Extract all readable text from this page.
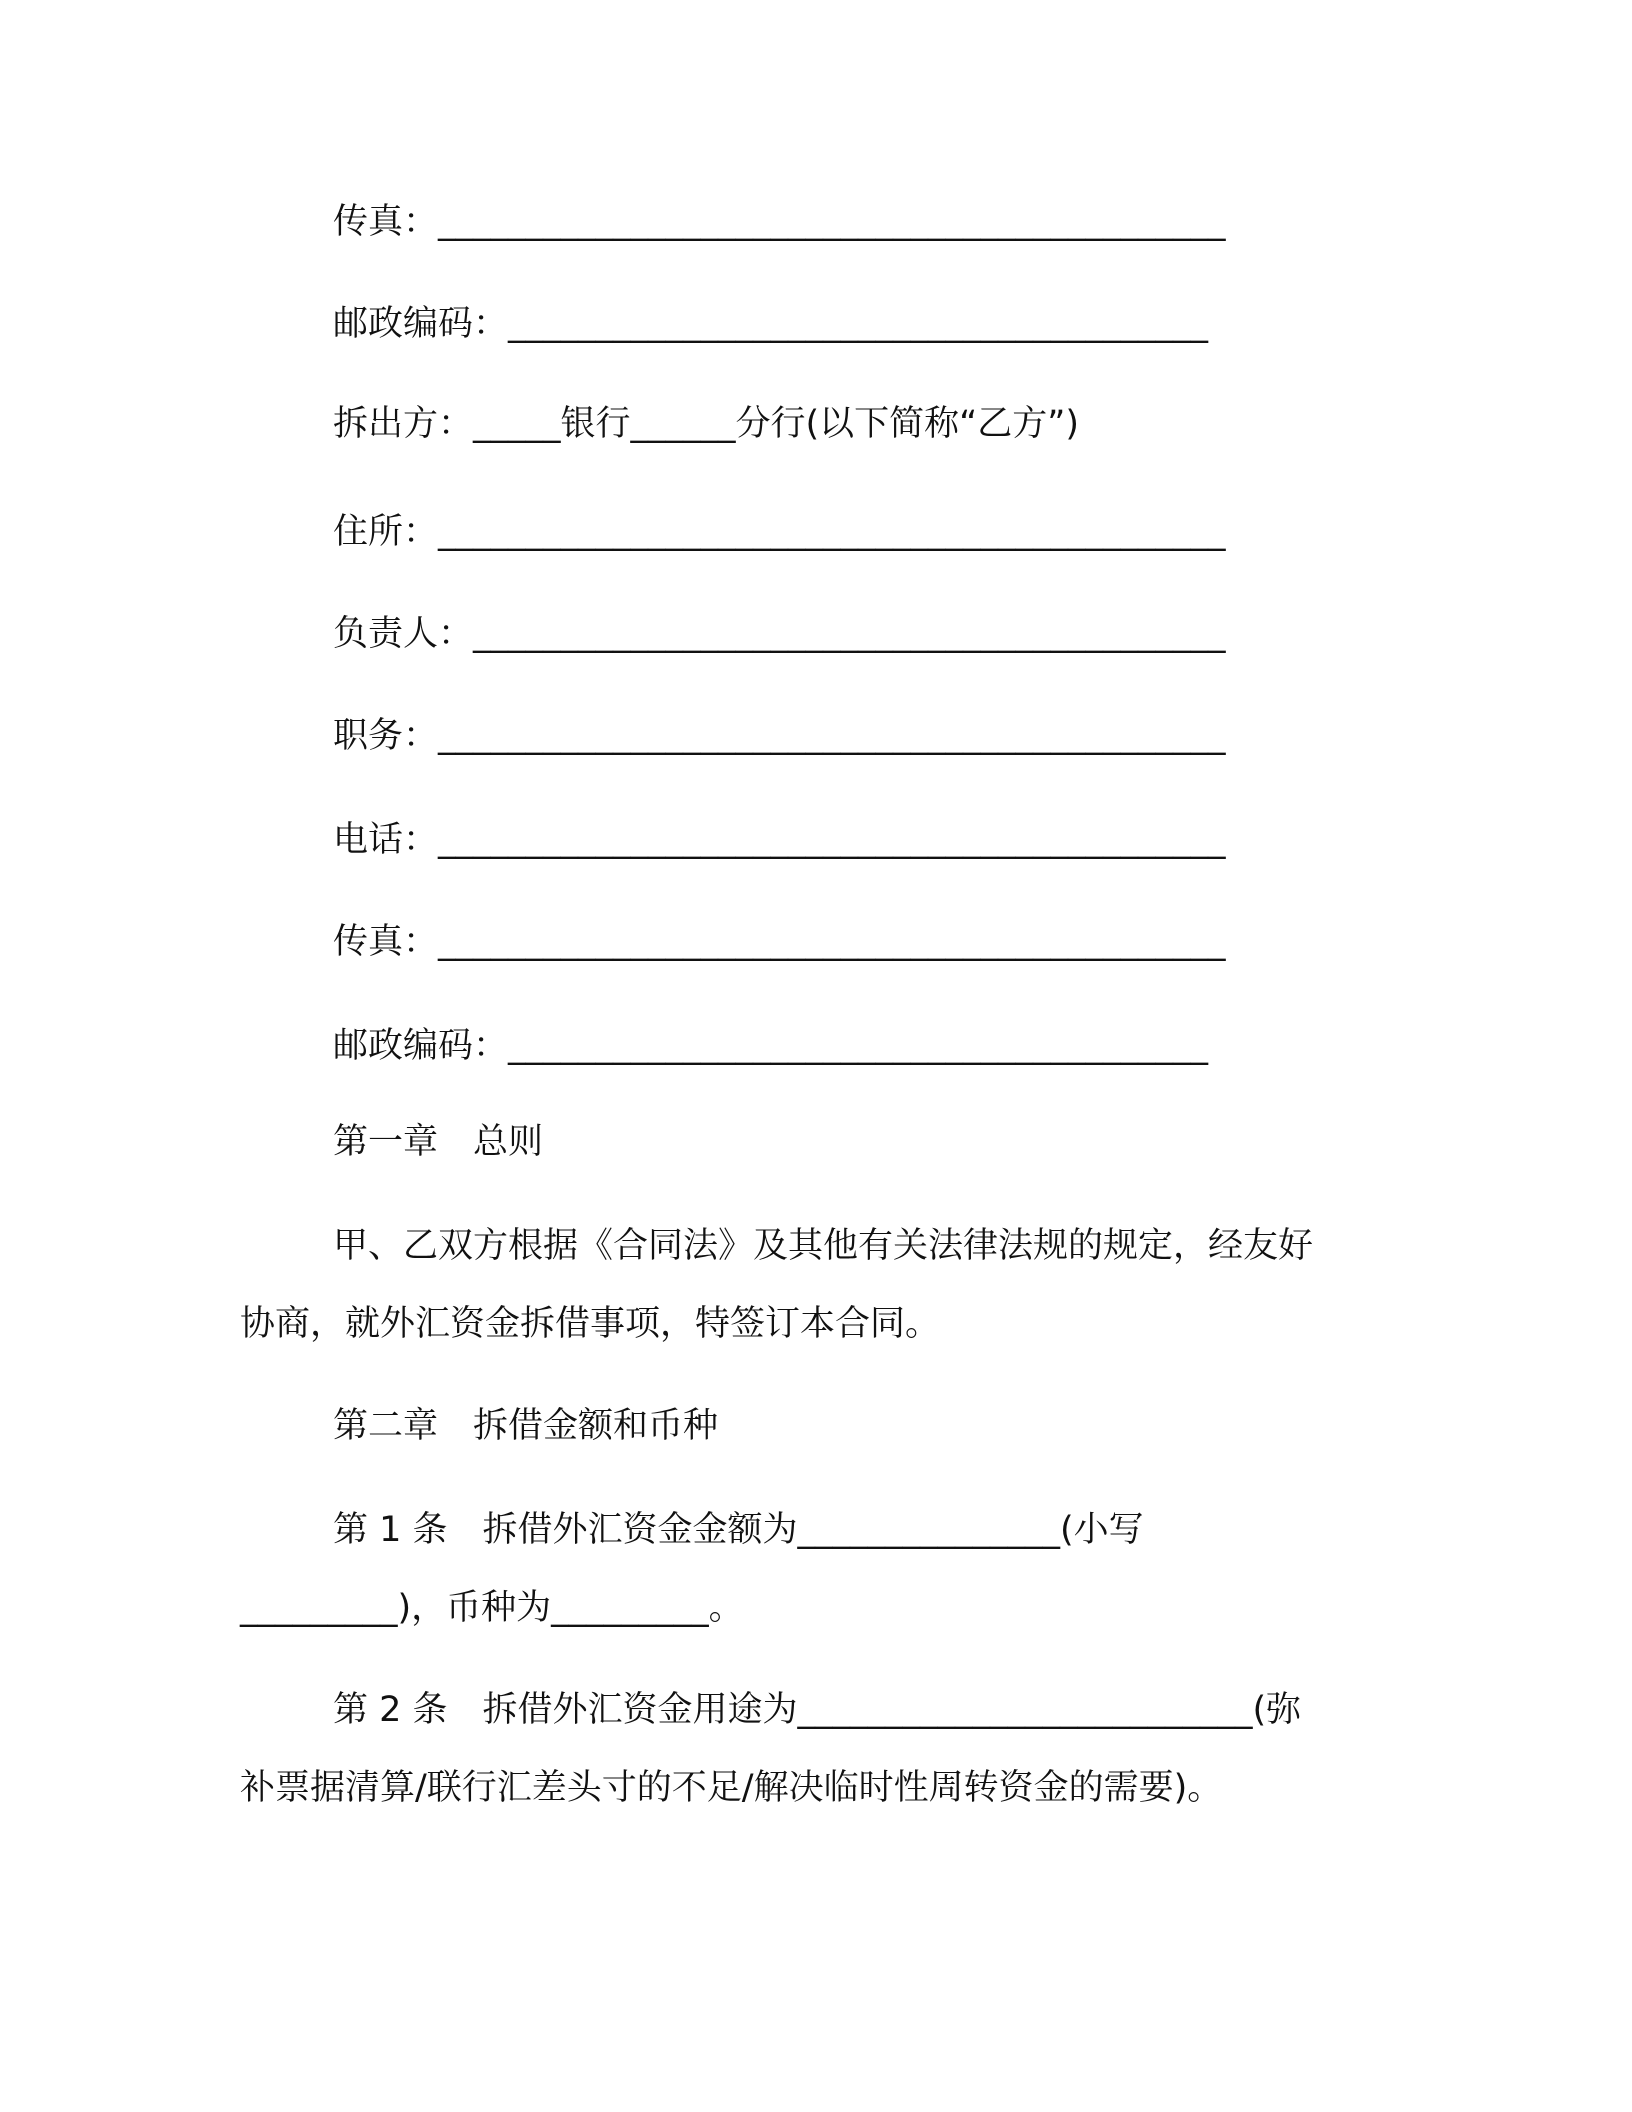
传真：_____________________________________________
邮政编码：________________________________________
拆出方：_____银行______分行(以下简称“乙方”)
住所：_____________________________________________
负责人：___________________________________________
职务：_____________________________________________
电话：_____________________________________________
传真：_____________________________________________
邮政编码：________________________________________
第一章　总则
甲、乙双方根据《合同法》及其他有关法律法规的规定，经友好
协商，就外汇资金拆借事项，特签订本合同。
第二章　拆借金额和币种
第 1 条　拆借外汇资金金额为_______________(小写
_________)，币种为_________。
第 2 条　拆借外汇资金用途为__________________________(弥
补票据清算/联行汇差头寸的不足/解决临时性周转资金的需要)。
